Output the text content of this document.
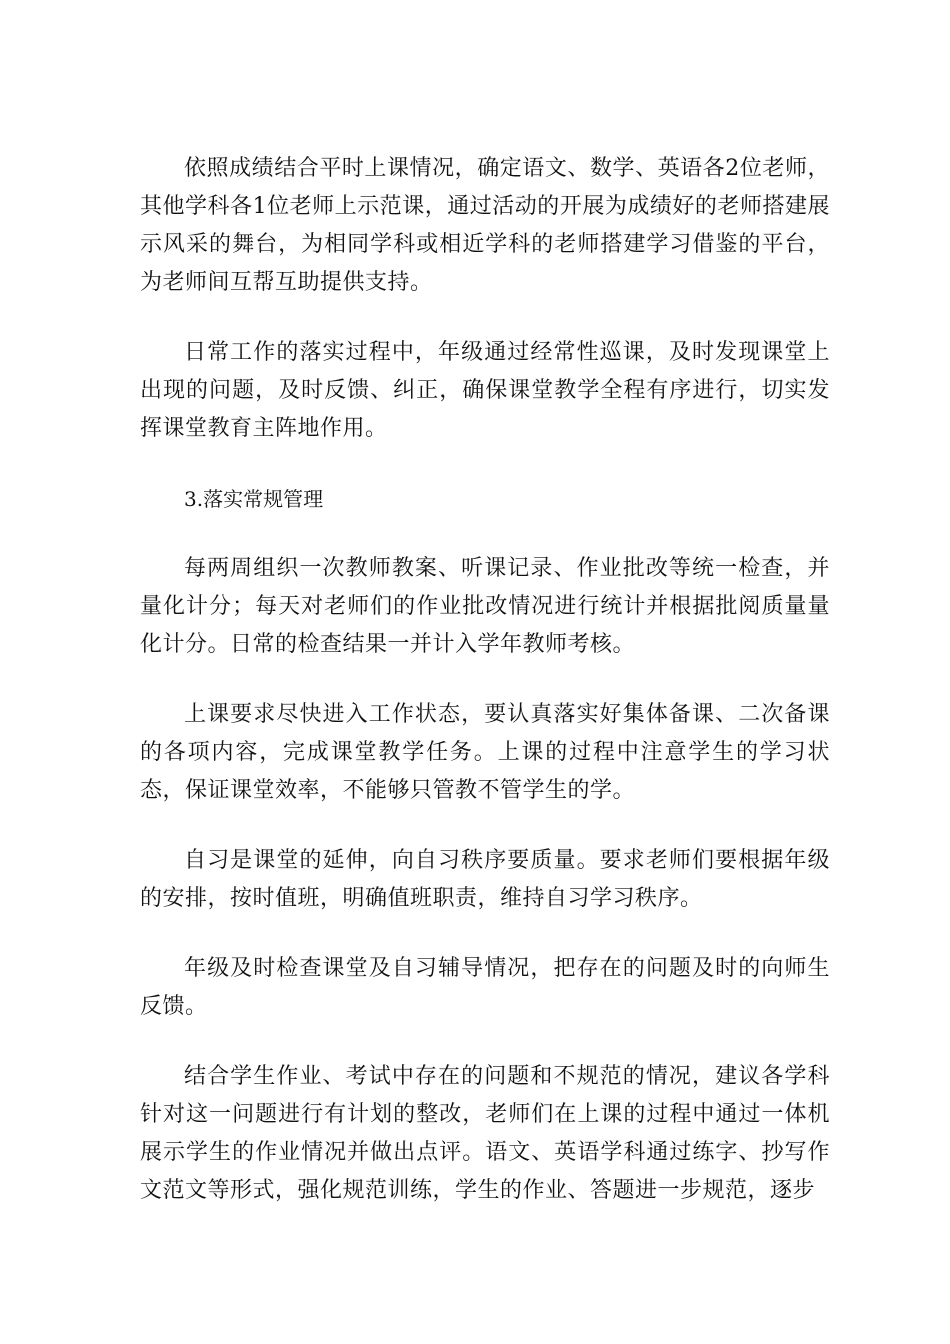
依照成绩结合平时上课情况，确定语文、数学、英语各2位老师，其他学科各1位老师上示范课，通过活动的开展为成绩好的老师搭建展示风采的舞台，为相同学科或相近学科的老师搭建学习借鉴的平台，为老师间互帮互助提供支持。

日常工作的落实过程中，年级通过经常性巡课，及时发现课堂上出现的问题，及时反馈、纠正，确保课堂教学全程有序进行，切实发挥课堂教育主阵地作用。

3.落实常规管理

每两周组织一次教师教案、听课记录、作业批改等统一检查，并量化计分；每天对老师们的作业批改情况进行统计并根据批阅质量量化计分。日常的检查结果一并计入学年教师考核。

上课要求尽快进入工作状态，要认真落实好集体备课、二次备课的各项内容，完成课堂教学任务。上课的过程中注意学生的学习状态，保证课堂效率，不能够只管教不管学生的学。

自习是课堂的延伸，向自习秩序要质量。要求老师们要根据年级的安排，按时值班，明确值班职责，维持自习学习秩序。

年级及时检查课堂及自习辅导情况，把存在的问题及时的向师生反馈。

结合学生作业、考试中存在的问题和不规范的情况，建议各学科针对这一问题进行有计划的整改，老师们在上课的过程中通过一体机展示学生的作业情况并做出点评。语文、英语学科通过练字、抄写作文范文等形式，强化规范训练，学生的作业、答题进一步规范，逐步
